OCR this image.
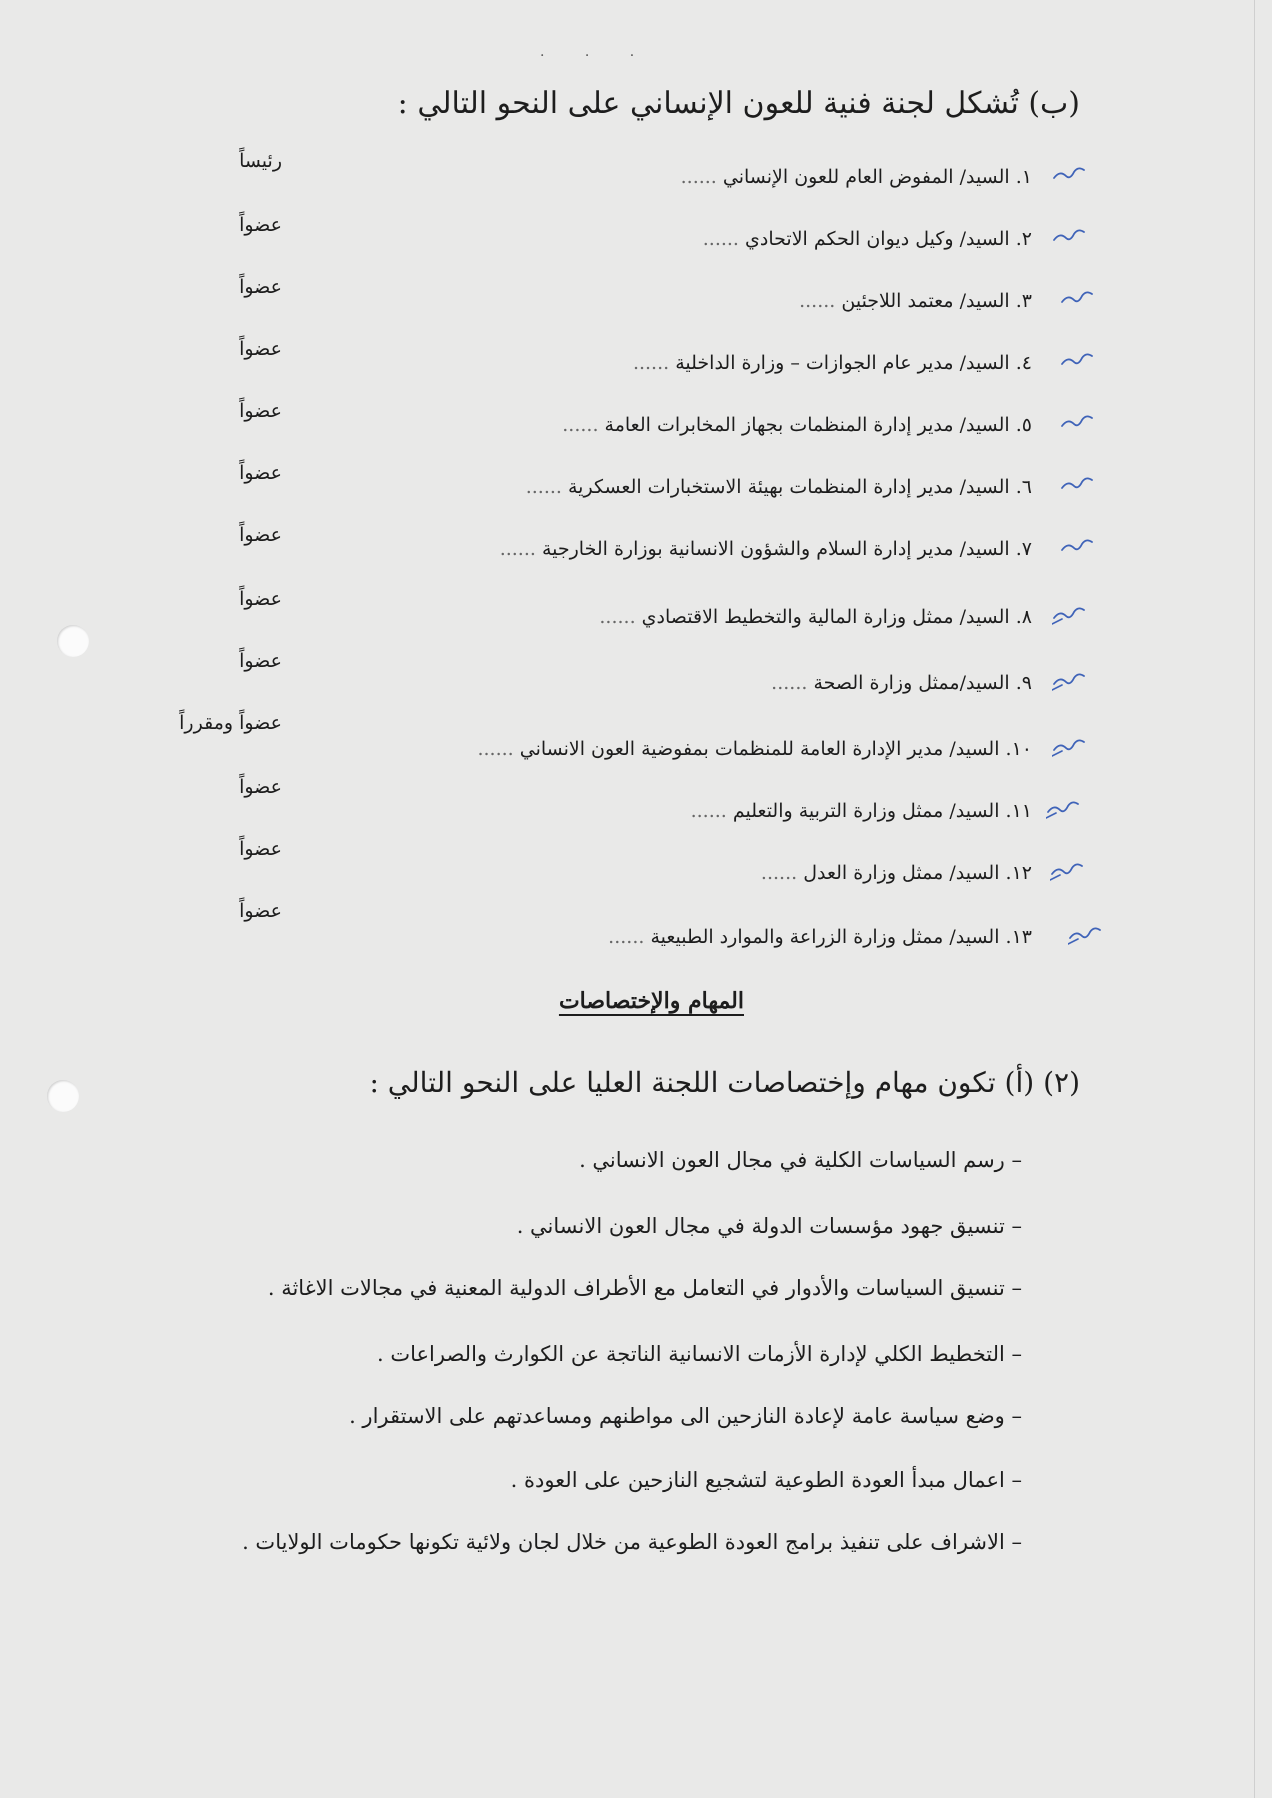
· · ·
(ب) تُشكل لجنة فنية للعون الإنساني على النحو التالي :
١. السيد/ المفوض العام للعون الإنساني ......
رئيساً
٢. السيد/ وكيل ديوان الحكم الاتحادي ......
عضواً
٣. السيد/ معتمد اللاجئين ......
عضواً
٤. السيد/ مدير عام الجوازات – وزارة الداخلية ......
عضواً
٥. السيد/ مدير إدارة المنظمات بجهاز المخابرات العامة ......
عضواً
٦. السيد/ مدير إدارة المنظمات بهيئة الاستخبارات العسكرية ......
عضواً
٧. السيد/ مدير إدارة السلام والشؤون الانسانية بوزارة الخارجية ......
عضواً
٨. السيد/ ممثل وزارة المالية والتخطيط الاقتصادي ......
عضواً
٩. السيد/ممثل وزارة الصحة ......
عضواً
١٠. السيد/ مدير الإدارة العامة للمنظمات بمفوضية العون الانساني ......
عضواً ومقرراً
١١. السيد/ ممثل وزارة التربية والتعليم ......
عضواً
١٢. السيد/ ممثل وزارة العدل ......
عضواً
١٣. السيد/ ممثل وزارة الزراعة والموارد الطبيعية ......
عضواً
المهام والإختصاصات
(٢) (أ) تكون مهام وإختصاصات اللجنة العليا على النحو التالي :
– رسم السياسات الكلية في مجال العون الانساني .
– تنسيق جهود مؤسسات الدولة في مجال العون الانساني .
– تنسيق السياسات والأدوار في التعامل مع الأطراف الدولية المعنية في مجالات الاغاثة .
– التخطيط الكلي لإدارة الأزمات الانسانية الناتجة عن الكوارث والصراعات .
– وضع سياسة عامة لإعادة النازحين الى مواطنهم ومساعدتهم على الاستقرار .
– اعمال مبدأ العودة الطوعية لتشجيع النازحين على العودة .
– الاشراف على تنفيذ برامج العودة الطوعية من خلال لجان ولائية تكونها حكومات الولايات .
